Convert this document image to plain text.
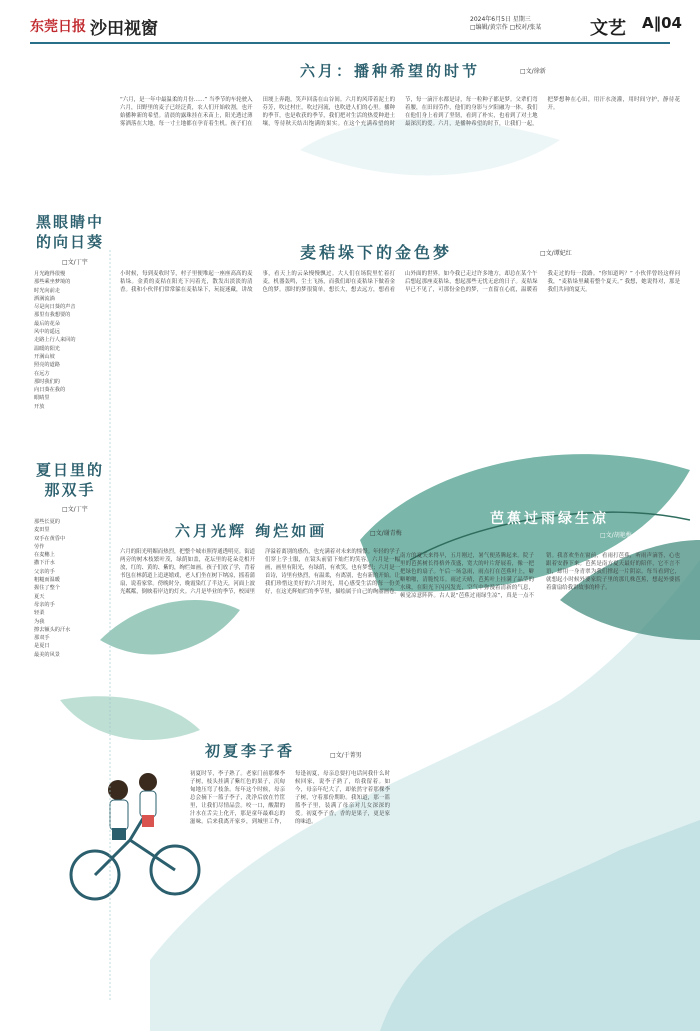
东莞日报 沙田视窗	2024年6月5日 星期三
□编辑/黄宗作 □校对/张某	文艺 A‖04
六月：播种希望的时节	□文/徐新
“六月，是一年中最温柔的月份……” 当季节的车轮驶入六月，田野里的麦子已经泛黄，农人们开始收割，也开始播种新的希望。清晨的露珠挂在禾苗上，阳光透过薄雾洒落在大地，每一寸土地都在孕育着生机。孩子们在田埂上奔跑，笑声回荡在山谷间。六月的风带着泥土的芬芳，吹过村庄，吹过河流，也吹进人们的心里。播种的季节，也是收获的季节，我们把对生活的热爱种进土壤，等待秋天结出饱满的果实。在这个充满希望的时节，每一滴汗水都是诗，每一粒种子都是梦。父辈们弯着腰，在田间劳作，他们的身影与夕阳融为一体。我们在他们身上看到了坚韧，看到了朴实，也看到了对土地最深沉的爱。六月，是播种希望的时节，让我们一起，把梦想种在心田，用汗水浇灌，用时间守护，静待花开。
黑眼睛中的向日葵
□文/丁宇
月光跑得很慢
那些乘坐梦境的
时光向前走
洒满流淌
尽是向日葵的声音
那里有我想要的
最后的花朵
风中的遥远
走路上行人来回的
温暖的阳光
开满山坡
照亮的道路
在远方
那时我们的
向日葵在我的
眼睛里
开放
麦秸垛下的金色梦	□文/谭妃红
小时候，每到麦收时节，村子里便堆起一座座高高的麦秸垛。金黄的麦秸在阳光下闪着光，散发出淡淡的清香。我和小伙伴们常常躲在麦秸垛下，玩捉迷藏，讲故事，看天上的云朵慢慢飘过。大人们在场院里忙着打麦，机器轰鸣，尘土飞扬，而我们却在麦秸垛下做着金色的梦。那时的梦很简单，想长大，想去远方，想看看山外面的世界。如今我已走过许多地方，却总在某个午后想起那座麦秸垛，想起那些无忧无虑的日子。麦秸垛早已不见了，可那份金色的梦，一直留在心底，温暖着我走过的每一段路。“你知道吗？” 小伙伴曾经这样问我，“麦秸垛里藏着整个夏天。” 我想，她说得对，那是我们共同的夏天。
夏日里的那双手
□文/丁宇
那些长夏的
麦田里
双手在黄昏中
劳作
在麦穗上
撒下汗水
父亲的手
粗糙而温暖
握住了整个
夏天
母亲的手
轻柔
为我
擦去额头的汗水
那双手
是夏日
最美的风景
六月光辉 绚烂如画	□文/谢青梅
六月的阳光明媚而热烈，把整个城市照得通透明亮。街道两旁的树木枝繁叶茂，绿荫如盖，花坛里的花朵竞相开放，红的、黄的、紫的，绚烂如画。孩子们放了学，背着书包在林荫道上追逐嬉戏，老人们坐在树下纳凉，摇着蒲扇，说着家常。傍晚时分，晚霞染红了半边天，河面上波光粼粼，倒映着岸边的灯火。六月是毕业的季节，校园里洋溢着离别的感伤，也充满着对未来的憧憬。年轻的学子们穿上学士服，在镜头前留下灿烂的笑容。六月是一幅画，画里有阳光，有绿荫，有欢笑，也有梦想；六月是一首诗，诗里有热烈，有温柔，有离别，也有新的开始。让我们珍惜这美好的六月时光，用心感受生活的每一份美好，在这光辉灿烂的季节里，描绘属于自己的绚丽画卷。
芭蕉过雨绿生凉
□文/胡艳梅
南方的夏天来得早，五月刚过，暑气便蒸腾起来。院子里的芭蕉树长得格外茂盛，宽大的叶片舒展着，像一把把绿色的扇子。午后一场急雨，雨点打在芭蕉叶上，噼噼啪啪，清脆悦耳。雨过天晴，芭蕉叶上挂满了晶莹的水珠，在阳光下闪闪发光，空气中弥漫着清新的气息，顿觉凉意阵阵。古人说“芭蕉过雨绿生凉”，真是一点不错。我喜欢坐在窗前，看雨打芭蕉，听雨声滴答，心也跟着安静下来。芭蕉是南方夏天最好的陪伴，它不言不语，却用一身青翠为我们撑起一片阴凉。每当看到它，就想起小时候外婆家院子里的那几株芭蕉，想起外婆摇着蒲扇给我讲故事的样子。
初夏李子香	□文/于菁男
初夏时节，李子熟了。老家门前那棵李子树，枝头挂满了紫红色的果子，沉甸甸地压弯了枝条。每年这个时候，母亲总会摘下一篮子李子，洗净后放在竹筐里，让我们尽情品尝。咬一口，酸甜的汁水在舌尖上化开，那是童年最难忘的滋味。后来我离开家乡，到城里工作，每逢初夏，母亲总要打电话问我什么时候回家，说李子熟了，给我留着。如今，母亲年纪大了，却依然守着那棵李子树，守着那份期盼。我知道，那一篮篮李子里，装满了母亲对儿女深深的爱。初夏李子香，香的是果子，更是家的味道。
